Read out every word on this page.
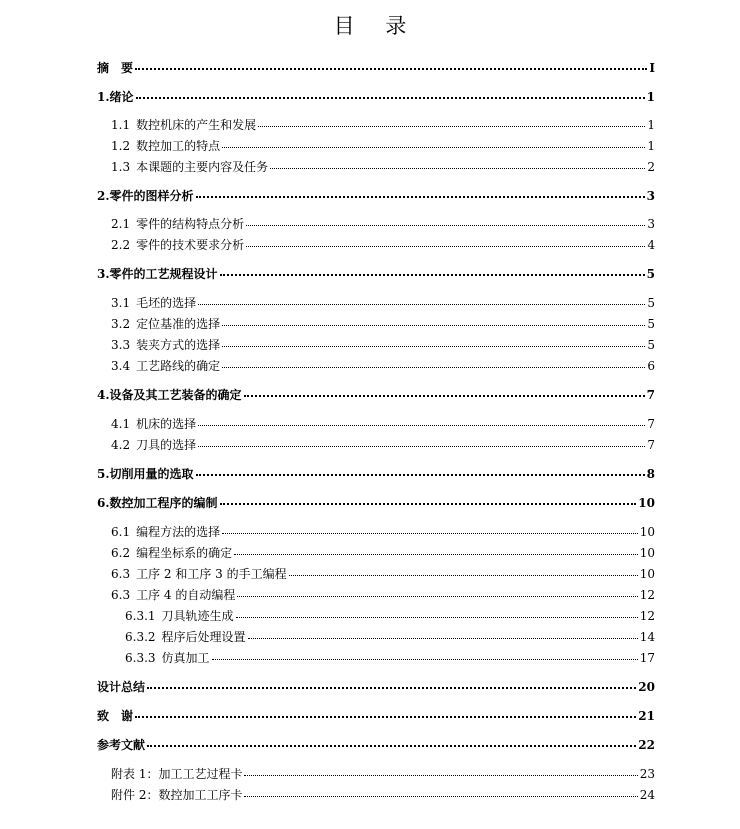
目 录
摘　要	I
1.绪论	1
1.1 数控机床的产生和发展	1
1.2 数控加工的特点	1
1.3 本课题的主要内容及任务	2
2.零件的图样分析	3
2.1 零件的结构特点分析	3
2.2 零件的技术要求分析	4
3.零件的工艺规程设计	5
3.1 毛坯的选择	5
3.2 定位基准的选择	5
3.3 装夹方式的选择	5
3.4 工艺路线的确定	6
4.设备及其工艺装备的确定	7
4.1 机床的选择	7
4.2 刀具的选择	7
5.切削用量的选取	8
6.数控加工程序的编制	10
6.1 编程方法的选择	10
6.2 编程坐标系的确定	10
6.3 工序 2 和工序 3 的手工编程	10
6.3 工序 4 的自动编程	12
6.3.1 刀具轨迹生成	12
6.3.2 程序后处理设置	14
6.3.3 仿真加工	17
设计总结	20
致　谢	21
参考文献	22
附表 1：加工工艺过程卡	23
附件 2：数控加工工序卡	24
